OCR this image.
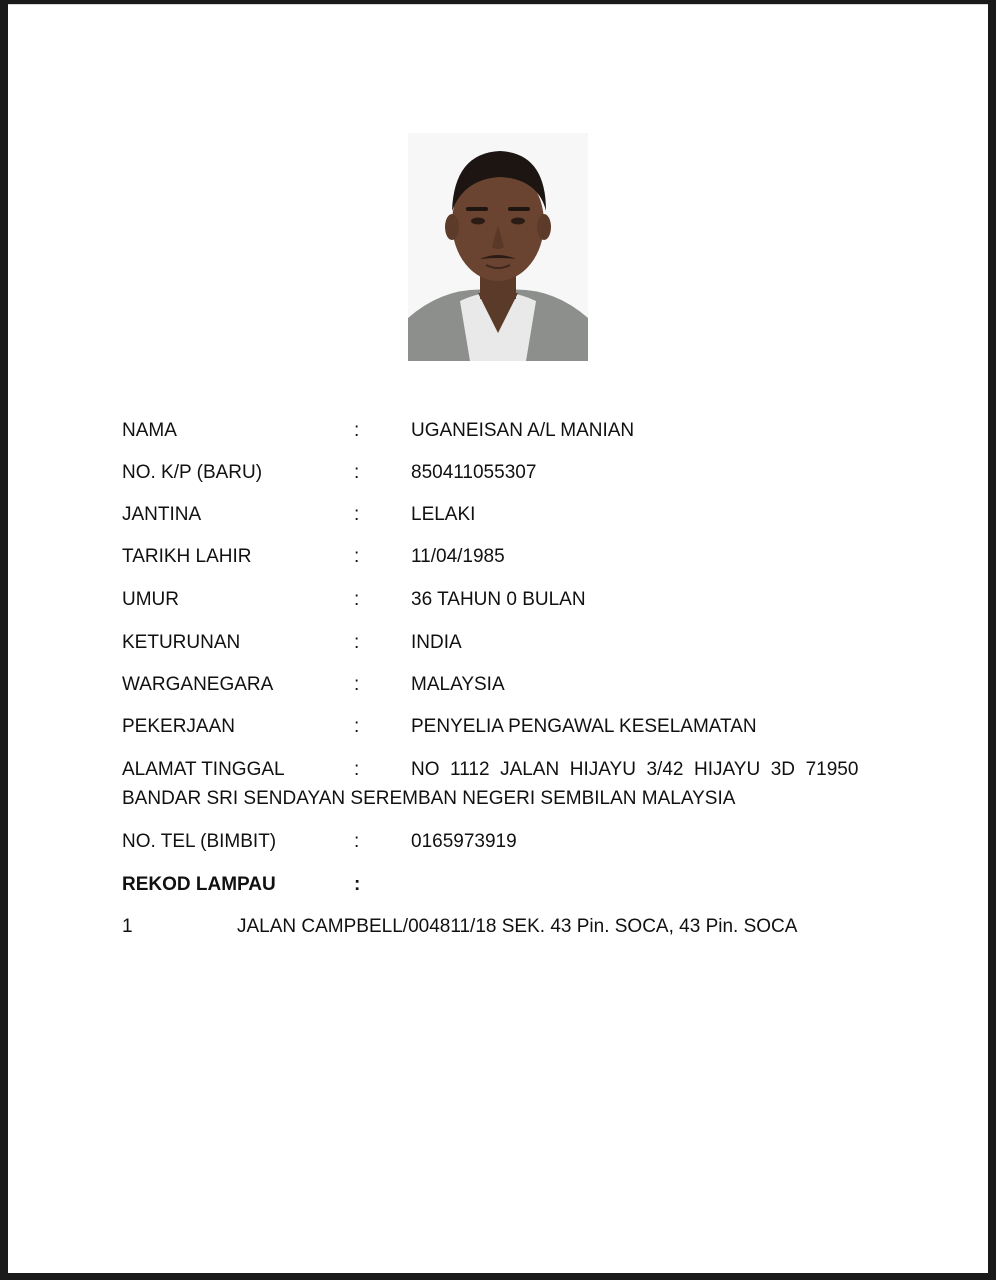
NAMA	:	UGANEISAN A/L MANIAN
NO. K/P (BARU)	:	850411055307
JANTINA	:	LELAKI
TARIKH LAHIR	:	11/04/1985
UMUR	:	36 TAHUN 0 BULAN
KETURUNAN	:	INDIA
WARGANEGARA	:	MALAYSIA
PEKERJAAN	:	PENYELIA PENGAWAL KESELAMATAN
ALAMAT TINGGAL	:	NO  1112  JALAN  HIJAYU  3/42  HIJAYU  3D  71950
BANDAR SRI SENDAYAN SEREMBAN NEGERI SEMBILAN MALAYSIA
NO. TEL (BIMBIT)	:	0165973919
REKOD LAMPAU	:
1	JALAN CAMPBELL/004811/18 SEK. 43 Pin. SOCA, 43 Pin. SOCA
